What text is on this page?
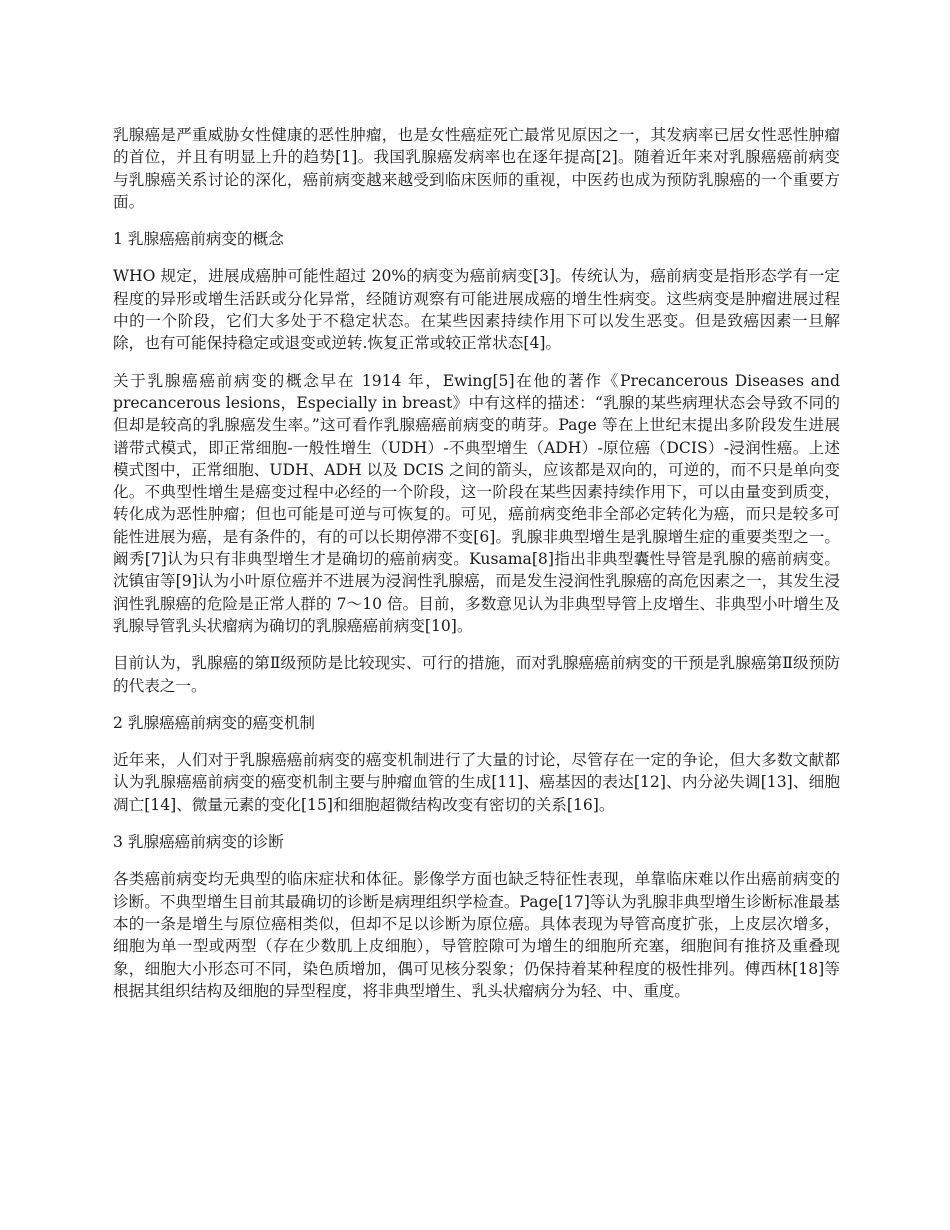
乳腺癌是严重威胁女性健康的恶性肿瘤，也是女性癌症死亡最常见原因之一，其发病率已居女性恶性肿瘤的首位，并且有明显上升的趋势[1]。我国乳腺癌发病率也在逐年提高[2]。随着近年来对乳腺癌癌前病变与乳腺癌关系讨论的深化，癌前病变越来越受到临床医师的重视，中医药也成为预防乳腺癌的一个重要方面。

1 乳腺癌癌前病变的概念

WHO 规定，进展成癌肿可能性超过 20%的病变为癌前病变[3]。传统认为，癌前病变是指形态学有一定程度的异形或增生活跃或分化异常，经随访观察有可能进展成癌的增生性病变。这些病变是肿瘤进展过程中的一个阶段，它们大多处于不稳定状态。在某些因素持续作用下可以发生恶变。但是致癌因素一旦解除，也有可能保持稳定或退变或逆转.恢复正常或较正常状态[4]。

关于乳腺癌癌前病变的概念早在 1914 年，Ewing[5]在他的著作《Precancerous Diseases and precancerous lesions，Especially in breast》中有这样的描述：“乳腺的某些病理状态会导致不同的但却是较高的乳腺癌发生率。”这可看作乳腺癌癌前病变的萌芽。Page 等在上世纪末提出多阶段发生进展谱带式模式，即正常细胞-一般性增生（UDH）-不典型增生（ADH）-原位癌（DCIS）-浸润性癌。上述模式图中，正常细胞、UDH、ADH 以及 DCIS 之间的箭头，应该都是双向的，可逆的，而不只是单向变化。不典型性增生是癌变过程中必经的一个阶段，这一阶段在某些因素持续作用下，可以由量变到质变，转化成为恶性肿瘤；但也可能是可逆与可恢复的。可见，癌前病变绝非全部必定转化为癌，而只是较多可能性进展为癌，是有条件的，有的可以长期停滞不变[6]。乳腺非典型增生是乳腺增生症的重要类型之一。阚秀[7]认为只有非典型增生才是确切的癌前病变。Kusama[8]指出非典型囊性导管是乳腺的癌前病变。沈镇宙等[9]认为小叶原位癌并不进展为浸润性乳腺癌，而是发生浸润性乳腺癌的高危因素之一，其发生浸润性乳腺癌的危险是正常人群的 7～10 倍。目前，多数意见认为非典型导管上皮增生、非典型小叶增生及乳腺导管乳头状瘤病为确切的乳腺癌癌前病变[10]。

目前认为，乳腺癌的第Ⅱ级预防是比较现实、可行的措施，而对乳腺癌癌前病变的干预是乳腺癌第Ⅱ级预防的代表之一。

2 乳腺癌癌前病变的癌变机制

近年来，人们对于乳腺癌癌前病变的癌变机制进行了大量的讨论，尽管存在一定的争论，但大多数文献都认为乳腺癌癌前病变的癌变机制主要与肿瘤血管的生成[11]、癌基因的表达[12]、内分泌失调[13]、细胞凋亡[14]、微量元素的变化[15]和细胞超微结构改变有密切的关系[16]。

3 乳腺癌癌前病变的诊断

各类癌前病变均无典型的临床症状和体征。影像学方面也缺乏特征性表现，单靠临床难以作出癌前病变的诊断。不典型增生目前其最确切的诊断是病理组织学检查。Page[17]等认为乳腺非典型增生诊断标准最基本的一条是增生与原位癌相类似，但却不足以诊断为原位癌。具体表现为导管高度扩张，上皮层次增多，细胞为单一型或两型（存在少数肌上皮细胞），导管腔隙可为增生的细胞所充塞，细胞间有推挤及重叠现象，细胞大小形态可不同，染色质增加，偶可见核分裂象；仍保持着某种程度的极性排列。傅西林[18]等根据其组织结构及细胞的异型程度，将非典型增生、乳头状瘤病分为轻、中、重度。
